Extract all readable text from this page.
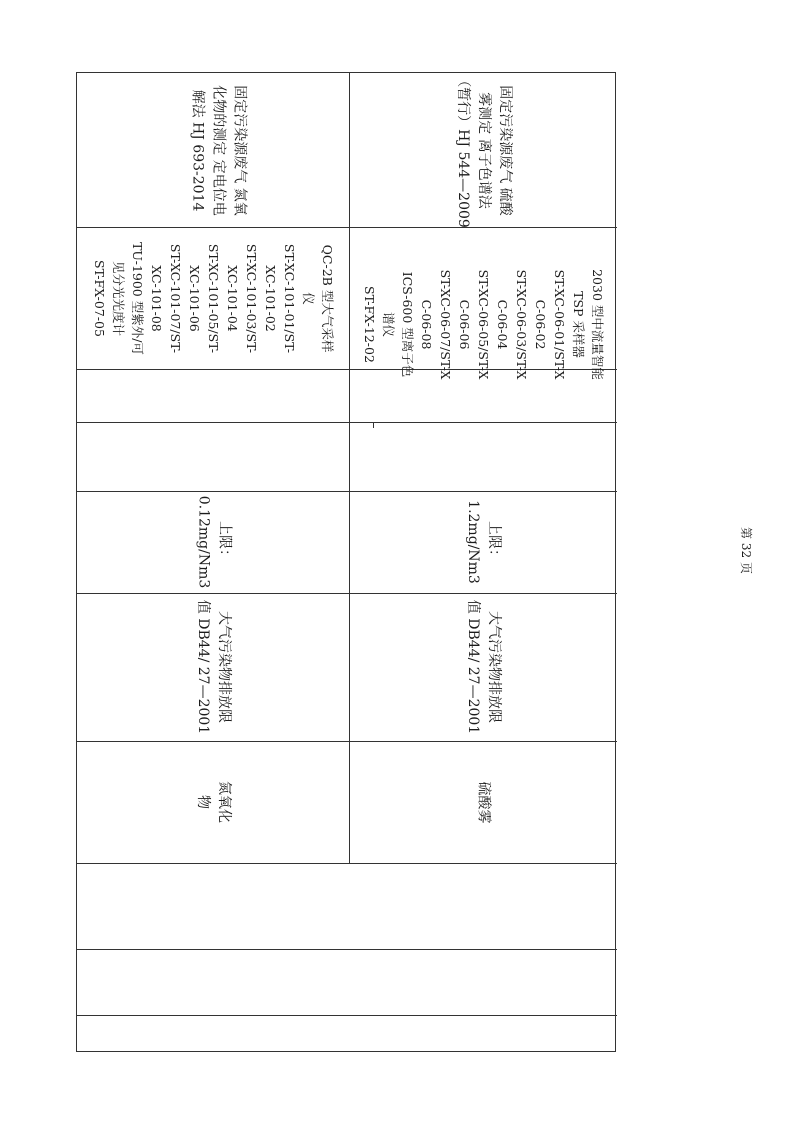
固定污染源废气 氮氧
化物的测定 定电位电
解法 HJ 693-2014
QC-2B 型大气采样
仪
ST-XC-101-01/ST-
XC-101-02
ST-XC-101-03/ST-
XC-101-04
ST-XC-101-05/ST-
XC-101-06
ST-XC-101-07/ST-
XC-101-08
TU-1900 型紫外/可
见分光光度计
ST-FX-07-05
上限：
0.12mg/Nm3
大气污染物排放限
值 DB44/ 27—2001
氮氧化
物
固定污染源废气 硫酸
雾测定 离子色谱法
（暂行）HJ 544—2009
2030 型中流量智能
TSP 采样器
ST-XC-06-01/ST-X
C-06-02
ST-XC-06-03/ST-X
C-06-04
ST-XC-06-05/ST-X
C-06-06
ST-XC-06-07/ST-X
C-06-08
ICS-600 型离子色
谱仪
ST-FX-12-02
上限：
1.2mg/Nm3
大气污染物排放限
值 DB44/ 27—2001
硫酸雾
第 32 页
